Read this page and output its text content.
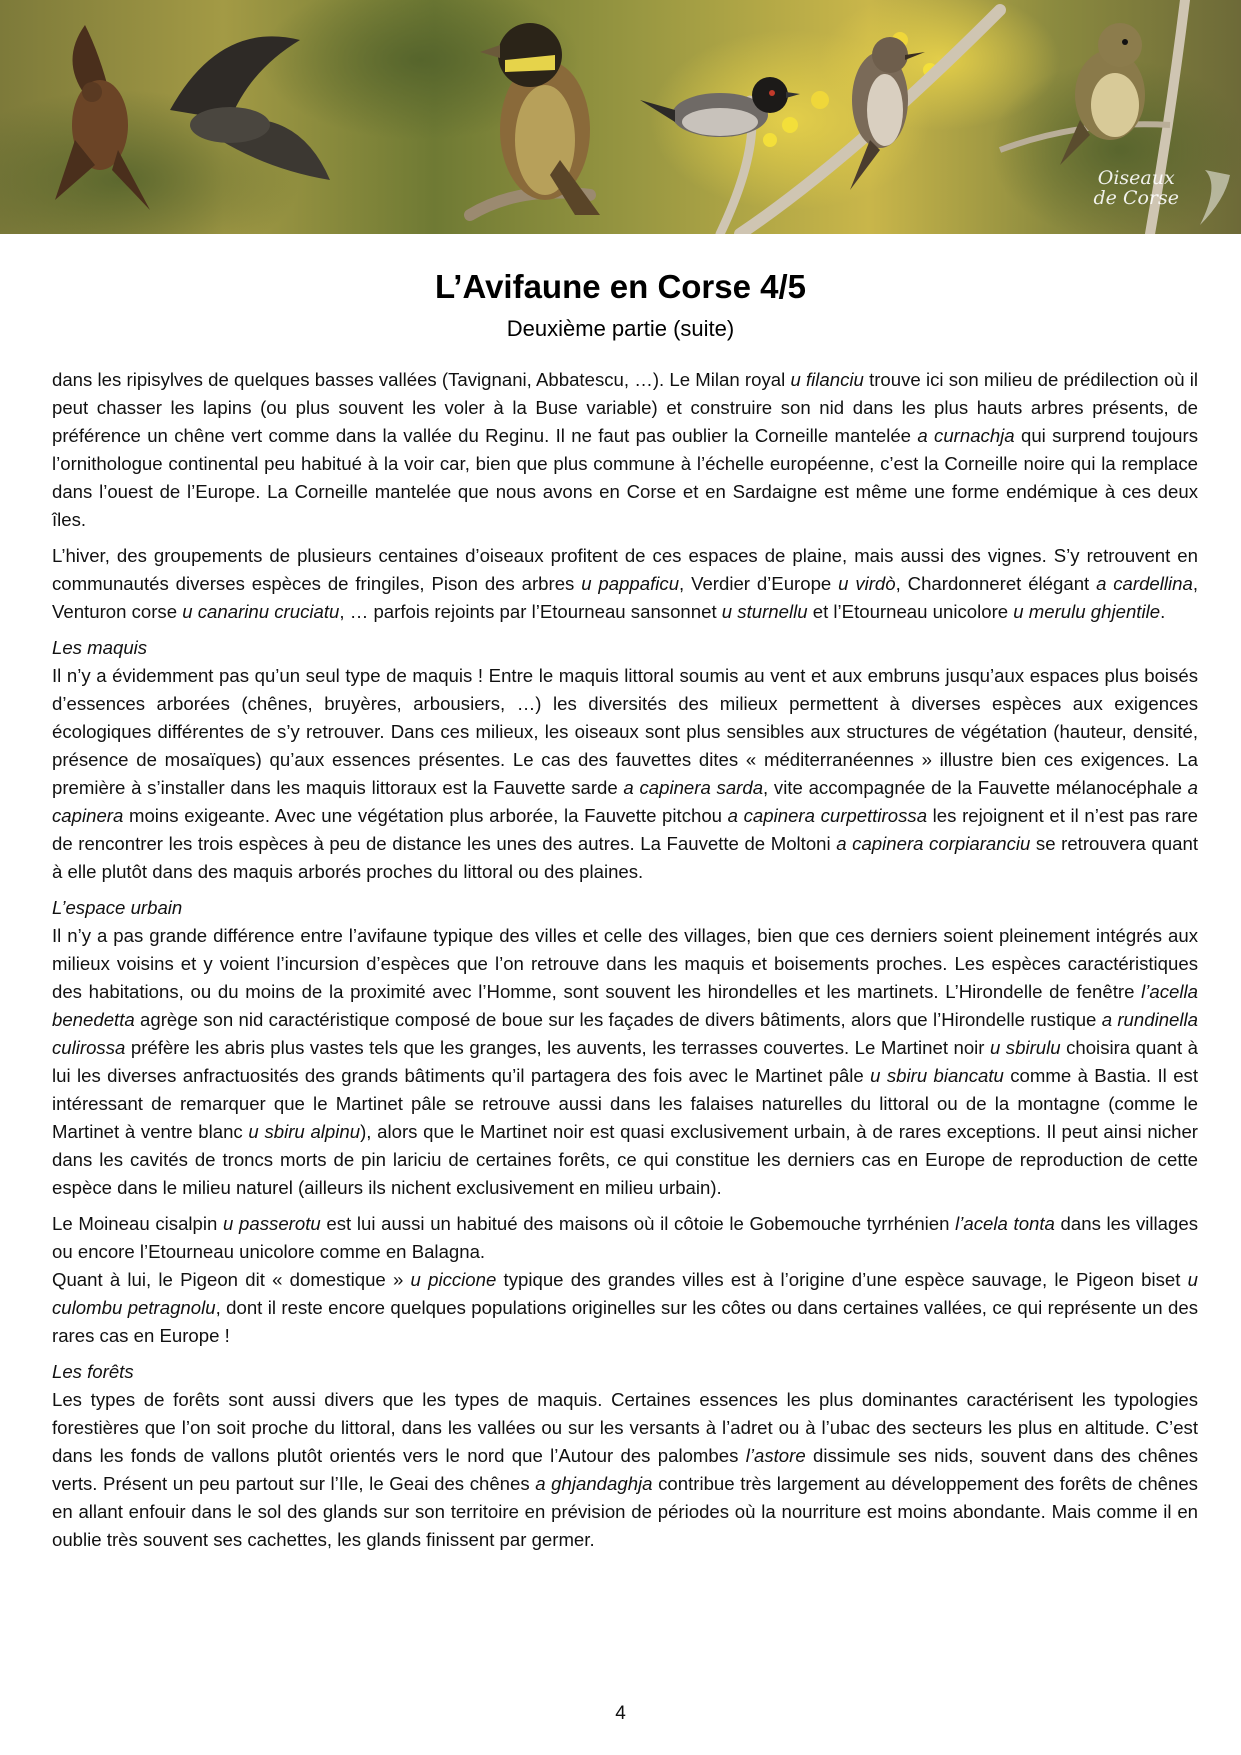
Oiseaux
de Corse
L’Avifaune en Corse 4/5
Deuxième partie (suite)

dans les ripisylves de quelques basses vallées (Tavignani, Abbatescu, …). Le Milan royal u filanciu trouve ici son milieu de prédilection où il peut chasser les lapins (ou plus souvent les voler à la Buse variable) et construire son nid dans les plus hauts arbres présents, de préférence un chêne vert comme dans la vallée du Reginu. Il ne faut pas oublier la Corneille mantelée a curnachja qui surprend toujours l’ornithologue continental peu habitué à la voir car, bien que plus commune à l’échelle européenne, c’est la Corneille noire qui la remplace dans l’ouest de l’Europe. La Corneille mantelée que nous avons en Corse et en Sardaigne est même une forme endémique à ces deux îles.

L’hiver, des groupements de plusieurs centaines d’oiseaux profitent de ces espaces de plaine, mais aussi des vignes. S’y retrouvent en communautés diverses espèces de fringiles, Pison des arbres u pappaficu, Verdier d’Europe u virdò, Chardonneret élégant a cardellina, Venturon corse u canarinu cruciatu, … parfois rejoints par l’Etourneau sansonnet u sturnellu et l’Etourneau unicolore u merulu ghjentile.

Les maquis
Il n’y a évidemment pas qu’un seul type de maquis ! Entre le maquis littoral soumis au vent et aux embruns jusqu’aux espaces plus boisés d’essences arborées (chênes, bruyères, arbousiers, …) les diversités des milieux permettent à diverses espèces aux exigences écologiques différentes de s’y retrouver. Dans ces milieux, les oiseaux sont plus sensibles aux structures de végétation (hauteur, densité, présence de mosaïques) qu’aux essences présentes. Le cas des fauvettes dites « méditerranéennes » illustre bien ces exigences. La première à s’installer dans les maquis littoraux est la Fauvette sarde a capinera sarda, vite accompagnée de la Fauvette mélanocéphale a capinera moins exigeante. Avec une végétation plus arborée, la Fauvette pitchou a capinera curpettirossa les rejoignent et il n’est pas rare de rencontrer les trois espèces à peu de distance les unes des autres. La Fauvette de Moltoni a capinera corpiaranciu se retrouvera quant à elle plutôt dans des maquis arborés proches du littoral ou des plaines.

L’espace urbain
Il n’y a pas grande différence entre l’avifaune typique des villes et celle des villages, bien que ces derniers soient pleinement intégrés aux milieux voisins et y voient l’incursion d’espèces que l’on retrouve dans les maquis et boisements proches. Les espèces caractéristiques des habitations, ou du moins de la proximité avec l’Homme, sont souvent les hirondelles et les martinets. L’Hirondelle de fenêtre l’acella benedetta agrège son nid caractéristique composé de boue sur les façades de divers bâtiments, alors que l’Hirondelle rustique a rundinella culirossa préfère les abris plus vastes tels que les granges, les auvents, les terrasses couvertes. Le Martinet noir u sbirulu choisira quant à lui les diverses anfractuosités des grands bâtiments qu’il partagera des fois avec le Martinet pâle u sbiru biancatu comme à Bastia. Il est intéressant de remarquer que le Martinet pâle se retrouve aussi dans les falaises naturelles du littoral ou de la montagne (comme le Martinet à ventre blanc u sbiru alpinu), alors que le Martinet noir est quasi exclusivement urbain, à de rares exceptions. Il peut ainsi nicher dans les cavités de troncs morts de pin lariciu de certaines forêts, ce qui constitue les derniers cas en Europe de reproduction de cette espèce dans le milieu naturel (ailleurs ils nichent exclusivement en milieu urbain).

Le Moineau cisalpin u passerotu est lui aussi un habitué des maisons où il côtoie le Gobemouche tyrrhénien l’acela tonta dans les villages ou encore l’Etourneau unicolore comme en Balagna.
Quant à lui, le Pigeon dit « domestique » u piccione typique des grandes villes est à l’origine d’une espèce sauvage, le Pigeon biset u culombu petragnolu, dont il reste encore quelques populations originelles sur les côtes ou dans certaines vallées, ce qui représente un des rares cas en Europe !

Les forêts
Les types de forêts sont aussi divers que les types de maquis. Certaines essences les plus dominantes caractérisent les typologies forestières que l’on soit proche du littoral, dans les vallées ou sur les versants à l’adret ou à l’ubac des secteurs les plus en altitude. C’est dans les fonds de vallons plutôt orientés vers le nord que l’Autour des palombes l’astore dissimule ses nids, souvent dans des chênes verts. Présent un peu partout sur l’Ile, le Geai des chênes a ghjandaghja contribue très largement au développement des forêts de chênes en allant enfouir dans le sol des glands sur son territoire en prévision de périodes où la nourriture est moins abondante. Mais comme il en oublie très souvent ses cachettes, les glands finissent par germer.

4
